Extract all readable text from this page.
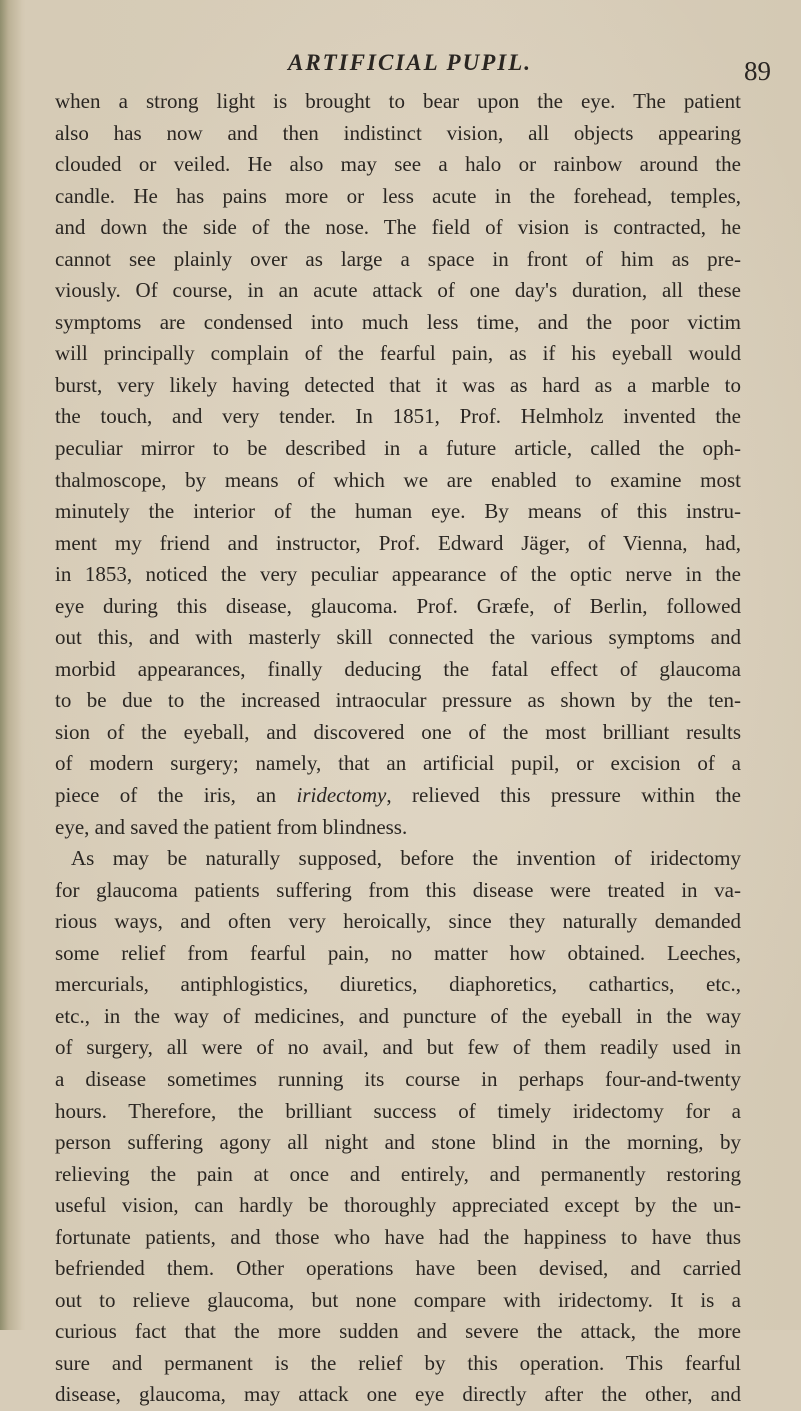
ARTIFICIAL PUPIL.	89
when a strong light is brought to bear upon the eye. The patient
also has now and then indistinct vision, all objects appearing
clouded or veiled. He also may see a halo or rainbow around the
candle. He has pains more or less acute in the forehead, temples,
and down the side of the nose. The field of vision is contracted, he
cannot see plainly over as large a space in front of him as pre-
viously. Of course, in an acute attack of one day's duration, all these
symptoms are condensed into much less time, and the poor victim
will principally complain of the fearful pain, as if his eyeball would
burst, very likely having detected that it was as hard as a marble to
the touch, and very tender. In 1851, Prof. Helmholz invented the
peculiar mirror to be described in a future article, called the oph-
thalmoscope, by means of which we are enabled to examine most
minutely the interior of the human eye. By means of this instru-
ment my friend and instructor, Prof. Edward Jäger, of Vienna, had,
in 1853, noticed the very peculiar appearance of the optic nerve in the
eye during this disease, glaucoma. Prof. Græfe, of Berlin, followed
out this, and with masterly skill connected the various symptoms and
morbid appearances, finally deducing the fatal effect of glaucoma
to be due to the increased intraocular pressure as shown by the ten-
sion of the eyeball, and discovered one of the most brilliant results
of modern surgery; namely, that an artificial pupil, or excision of a
piece of the iris, an iridectomy, relieved this pressure within the
eye, and saved the patient from blindness.
As may be naturally supposed, before the invention of iridectomy
for glaucoma patients suffering from this disease were treated in va-
rious ways, and often very heroically, since they naturally demanded
some relief from fearful pain, no matter how obtained. Leeches,
mercurials, antiphlogistics, diuretics, diaphoretics, cathartics, etc.,
etc., in the way of medicines, and puncture of the eyeball in the way
of surgery, all were of no avail, and but few of them readily used in
a disease sometimes running its course in perhaps four-and-twenty
hours. Therefore, the brilliant success of timely iridectomy for a
person suffering agony all night and stone blind in the morning, by
relieving the pain at once and entirely, and permanently restoring
useful vision, can hardly be thoroughly appreciated except by the un-
fortunate patients, and those who have had the happiness to have thus
befriended them. Other operations have been devised, and carried
out to relieve glaucoma, but none compare with iridectomy. It is a
curious fact that the more sudden and severe the attack, the more
sure and permanent is the relief by this operation. This fearful
disease, glaucoma, may attack one eye directly after the other, and
